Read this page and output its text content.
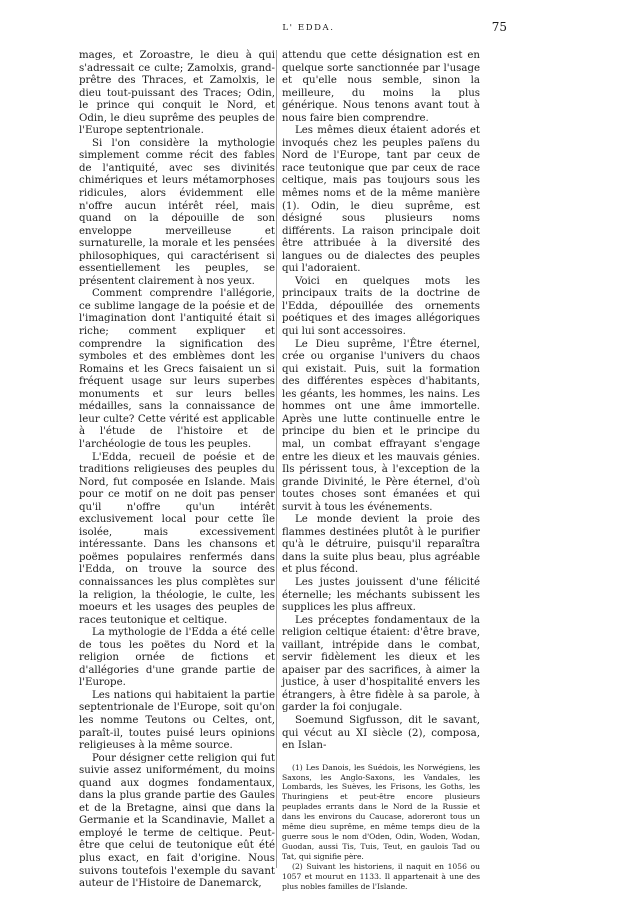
L' EDDA.	75

mages, et Zoroastre, le dieu à qui s'adressait ce culte; Zamolxis, grand-prêtre des Thraces, et Zamolxis, le dieu tout-puissant des Traces; Odin, le prince qui conquit le Nord, et Odin, le dieu suprême des peuples de l'Europe septentrionale.

Si l'on considère la mythologie simplement comme récit des fables de l'antiquité, avec ses divinités chimériques et leurs métamorphoses ridicules, alors évidemment elle n'offre aucun intérêt réel, mais quand on la dépouille de son enveloppe merveilleuse et surnaturelle, la morale et les pensées philosophiques, qui caractérisent si essentiellement les peuples, se présentent clairement à nos yeux.

Comment comprendre l'allégorie, ce sublime langage de la poésie et de l'imagination dont l'antiquité était si riche; comment expliquer et comprendre la signification des symboles et des emblèmes dont les Romains et les Grecs faisaient un si fréquent usage sur leurs superbes monuments et sur leurs belles médailles, sans la connaissance de leur culte? Cette vérité est applicable à l'étude de l'histoire et de l'archéologie de tous les peuples.

L'Edda, recueil de poésie et de traditions religieuses des peuples du Nord, fut composée en Islande. Mais pour ce motif on ne doit pas penser qu'il n'offre qu'un intérêt exclusivement local pour cette île isolée, mais excessivement intéressante. Dans les chansons et poëmes populaires renfermés dans l'Edda, on trouve la source des connaissances les plus complètes sur la religion, la théologie, le culte, les moeurs et les usages des peuples de races teutonique et celtique.

La mythologie de l'Edda a été celle de tous les poëtes du Nord et la religion ornée de fictions et d'allégories d'une grande partie de l'Europe.

Les nations qui habitaient la partie septentrionale de l'Europe, soit qu'on les nomme Teutons ou Celtes, ont, paraît-il, toutes puisé leurs opinions religieuses à la même source.

Pour désigner cette religion qui fut suivie assez uniformément, du moins quand aux dogmes fondamentaux, dans la plus grande partie des Gaules et de la Bretagne, ainsi que dans la Germanie et la Scandinavie, Mallet a employé le terme de celtique. Peut-être que celui de teutonique eût été plus exact, en fait d'origine. Nous suivons toutefois l'exemple du savant auteur de l'Histoire de Danemarck,

attendu que cette désignation est en quelque sorte sanctionnée par l'usage et qu'elle nous semble, sinon la meilleure, du moins la plus générique. Nous tenons avant tout à nous faire bien comprendre.

Les mêmes dieux étaient adorés et invoqués chez les peuples païens du Nord de l'Europe, tant par ceux de race teutonique que par ceux de race celtique, mais pas toujours sous les mêmes noms et de la même manière (1). Odin, le dieu suprême, est désigné sous plusieurs noms différents. La raison principale doit être attribuée à la diversité des langues ou de dialectes des peuples qui l'adoraient.

Voici en quelques mots les principaux traits de la doctrine de l'Edda, dépouillée des ornements poétiques et des images allégoriques qui lui sont accessoires.

Le Dieu suprême, l'Être éternel, crée ou organise l'univers du chaos qui existait. Puis, suit la formation des différentes espèces d'habitants, les géants, les hommes, les nains. Les hommes ont une âme immortelle. Après une lutte continuelle entre le principe du bien et le principe du mal, un combat effrayant s'engage entre les dieux et les mauvais génies. Ils périssent tous, à l'exception de la grande Divinité, le Père éternel, d'où toutes choses sont émanées et qui survit à tous les événements.

Le monde devient la proie des flammes destinées plutôt à le purifier qu'à le détruire, puisqu'il reparaîtra dans la suite plus beau, plus agréable et plus fécond.

Les justes jouissent d'une félicité éternelle; les méchants subissent les supplices les plus affreux.

Les préceptes fondamentaux de la religion celtique étaient: d'être brave, vaillant, intrépide dans le combat, servir fidèlement les dieux et les apaiser par des sacrifices, à aimer la justice, à user d'hospitalité envers les étrangers, à être fidèle à sa parole, à garder la foi conjugale.

Soemund Sigfusson, dit le savant, qui vécut au XI siècle (2), composa, en Islan-

(1) Les Danois, les Suédois, les Norwégiens, les Saxons, les Anglo-Saxons, les Vandales, les Lombards, les Suèves, les Frisons, les Goths, les Thuringiens et peut-être encore plusieurs peuplades errants dans le Nord de la Russie et dans les environs du Caucase, adoreront tous un même dieu suprême, en même temps dieu de la guerre sous le nom d'Oden, Odin, Woden, Wodan, Guodan, aussi Tis, Tuis, Teut, en gaulois Tad ou Tat, qui signifie père.

(2) Suivant les historiens, il naquit en 1056 ou 1057 et mourut en 1133. Il appartenait à une des plus nobles familles de l'Islande.
